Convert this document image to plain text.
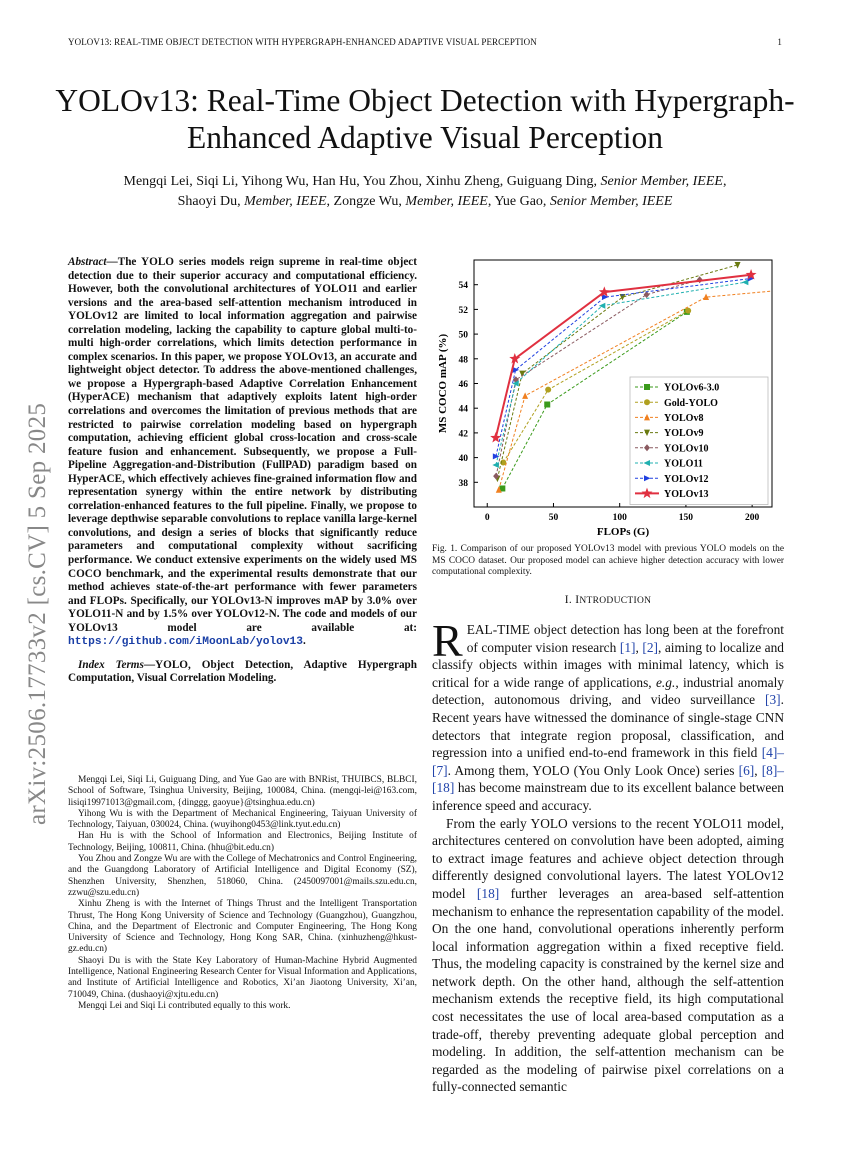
YOLOV13: REAL-TIME OBJECT DETECTION WITH HYPERGRAPH-ENHANCED ADAPTIVE VISUAL PERCEPTION	1
YOLOv13: Real-Time Object Detection with Hypergraph-Enhanced Adaptive Visual Perception
Mengqi Lei, Siqi Li, Yihong Wu, Han Hu, You Zhou, Xinhu Zheng, Guiguang Ding, Senior Member, IEEE,
Shaoyi Du, Member, IEEE, Zongze Wu, Member, IEEE, Yue Gao, Senior Member, IEEE
arXiv:2506.17733v2 [cs.CV] 5 Sep 2025

Abstract—The YOLO series models reign supreme in real-time object detection due to their superior accuracy and computational efficiency. However, both the convolutional architectures of YOLO11 and earlier versions and the area-based self-attention mechanism introduced in YOLOv12 are limited to local information aggregation and pairwise correlation modeling, lacking the capability to capture global multi-to-multi high-order correlations, which limits detection performance in complex scenarios. In this paper, we propose YOLOv13, an accurate and lightweight object detector. To address the above-mentioned challenges, we propose a Hypergraph-based Adaptive Correlation Enhancement (HyperACE) mechanism that adaptively exploits latent high-order correlations and overcomes the limitation of previous methods that are restricted to pairwise correlation modeling based on hypergraph computation, achieving efficient global cross-location and cross-scale feature fusion and enhancement. Subsequently, we propose a Full-Pipeline Aggregation-and-Distribution (FullPAD) paradigm based on HyperACE, which effectively achieves fine-grained information flow and representation synergy within the entire network by distributing correlation-enhanced features to the full pipeline. Finally, we propose to leverage depthwise separable convolutions to replace vanilla large-kernel convolutions, and design a series of blocks that significantly reduce parameters and computational complexity without sacrificing performance. We conduct extensive experiments on the widely used MS COCO benchmark, and the experimental results demonstrate that our method achieves state-of-the-art performance with fewer parameters and FLOPs. Specifically, our YOLOv13-N improves mAP by 3.0% over YOLO11-N and by 1.5% over YOLOv12-N. The code and models of our YOLOv13 model are available at: https://github.com/iMoonLab/yolov13.

Index Terms—YOLO, Object Detection, Adaptive Hypergraph Computation, Visual Correlation Modeling.

Mengqi Lei, Siqi Li, Guiguang Ding, and Yue Gao are with BNRist, THUIBCS, BLBCI, School of Software, Tsinghua University, Beijing, 100084, China. (mengqi-lei@163.com, lisiqi19971013@gmail.com, {dinggg, gaoyue}@tsinghua.edu.cn)

Yihong Wu is with the Department of Mechanical Engineering, Taiyuan University of Technology, Taiyuan, 030024, China. (wuyihong0453@link.tyut.edu.cn)

Han Hu is with the School of Information and Electronics, Beijing Institute of Technology, Beijing, 100811, China. (hhu@bit.edu.cn)

You Zhou and Zongze Wu are with the College of Mechatronics and Control Engineering, and the Guangdong Laboratory of Artificial Intelligence and Digital Economy (SZ), Shenzhen University, Shenzhen, 518060, China. (2450097001@mails.szu.edu.cn, zzwu@szu.edu.cn)

Xinhu Zheng is with the Internet of Things Thrust and the Intelligent Transportation Thrust, The Hong Kong University of Science and Technology (Guangzhou), Guangzhou, China, and the Department of Electronic and Computer Engineering, The Hong Kong University of Science and Technology, Hong Kong SAR, China. (xinhuzheng@hkust-gz.edu.cn)

Shaoyi Du is with the State Key Laboratory of Human-Machine Hybrid Augmented Intelligence, National Engineering Research Center for Visual Information and Applications, and Institute of Artificial Intelligence and Robotics, Xi’an Jiaotong University, Xi’an, 710049, China. (dushaoyi@xjtu.edu.cn)

Mengqi Lei and Siqi Li contributed equally to this work.

0	50	100	150	200
38
40
42
44
46
48
50
52
54
FLOPs (G)
MS COCO mAP (%)	YOLOv6-3.0
Gold-YOLO
YOLOv8
YOLOv9
YOLOv10
YOLO11
YOLOv12
YOLOv13
Fig. 1. Comparison of our proposed YOLOv13 model with previous YOLO models on the MS COCO dataset. Our proposed model can achieve higher detection accuracy with lower computational complexity.
I. INTRODUCTION

REAL-TIME object detection has long been at the forefront of computer vision research [1], [2], aiming to localize and classify objects within images with minimal latency, which is critical for a wide range of applications, e.g., industrial anomaly detection, autonomous driving, and video surveillance [3]. Recent years have witnessed the dominance of single-stage CNN detectors that integrate region proposal, classification, and regression into a unified end-to-end framework in this field [4]–[7]. Among them, YOLO (You Only Look Once) series [6], [8]–[18] has become mainstream due to its excellent balance between inference speed and accuracy.

From the early YOLO versions to the recent YOLO11 model, architectures centered on convolution have been adopted, aiming to extract image features and achieve object detection through differently designed convolutional layers. The latest YOLOv12 model [18] further leverages an area-based self-attention mechanism to enhance the representation capability of the model. On the one hand, convolutional operations inherently perform local information aggregation within a fixed receptive field. Thus, the modeling capacity is constrained by the kernel size and network depth. On the other hand, although the self-attention mechanism extends the receptive field, its high computational cost necessitates the use of local area-based computation as a trade-off, thereby preventing adequate global perception and modeling. In addition, the self-attention mechanism can be regarded as the modeling of pairwise pixel correlations on a fully-connected semantic
